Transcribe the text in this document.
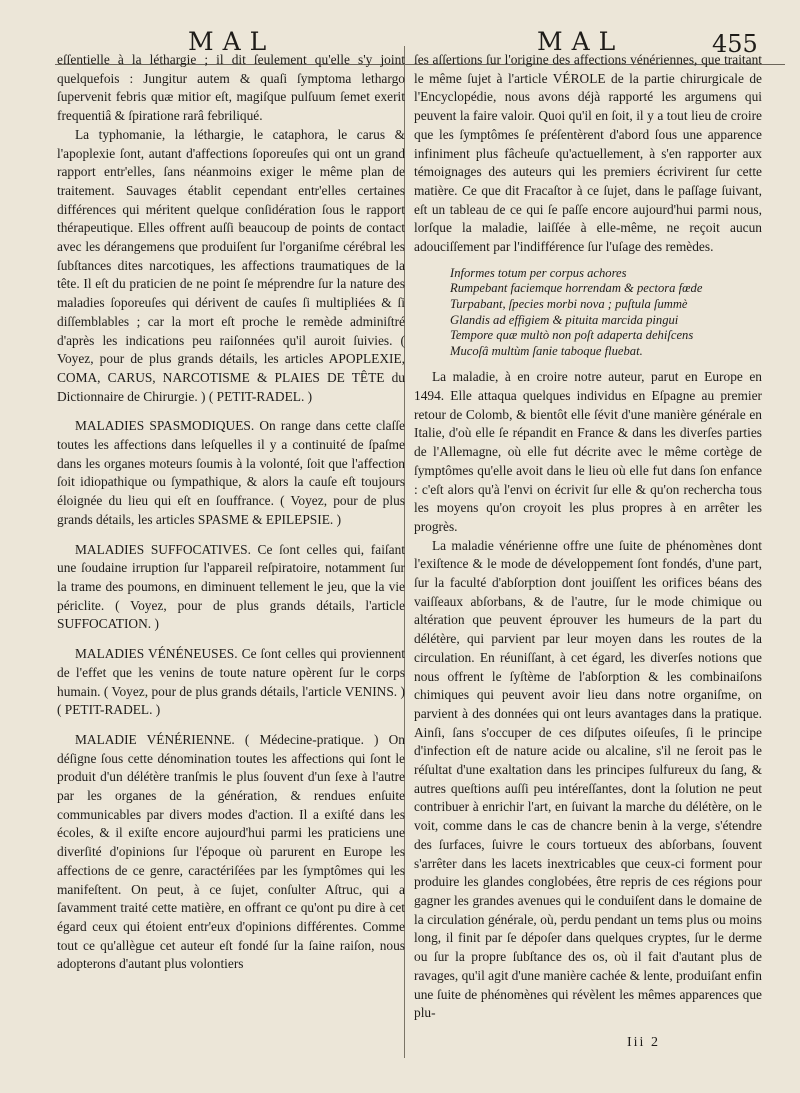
MAL	MAL	455

eſſentielle à la léthargie ; il dit ſeulement qu'elle s'y joint quelquefois : Jungitur autem & quaſi ſymptoma lethargo ſupervenit febris quæ mitior eſt, magiſque pulſuum ſemet exerit frequentiâ & ſpiratione rarâ febriliqué.

La typhomanie, la léthargie, le cataphora, le carus & l'apoplexie ſont, autant d'affections ſoporeuſes qui ont un grand rapport entr'elles, ſans néanmoins exiger le même plan de traitement. Sauvages établit cependant entr'elles certaines différences qui méritent quelque conſidération ſous le rapport thérapeutique. Elles offrent auſſi beaucoup de points de contact avec les dérangemens que produiſent ſur l'organiſme cérébral les ſubſtances dites narcotiques, les affections traumatiques de la tête. Il eſt du praticien de ne point ſe méprendre ſur la nature des maladies ſoporeuſes qui dérivent de cauſes ſi multipliées & ſi diſſemblables ; car la mort eſt proche le remède adminiſtré d'après les indications peu raiſonnées qu'il auroit ſuivies. ( Voyez, pour de plus grands détails, les articles APOPLEXIE, COMA, CARUS, NARCOTISME & PLAIES DE TÊTE du Dictionnaire de Chirurgie. ) ( PETIT-RADEL. )

MALADIES SPASMODIQUES. On range dans cette claſſe toutes les affections dans leſquelles il y a continuité de ſpaſme dans les organes moteurs ſoumis à la volonté, ſoit que l'affection ſoit idiopathique ou ſympathique, & alors la cauſe eſt toujours éloignée du lieu qui eſt en ſouffrance. ( Voyez, pour de plus grands détails, les articles SPASME & EPILEPSIE. )

MALADIES SUFFOCATIVES. Ce ſont celles qui, faiſant une ſoudaine irruption ſur l'appareil reſpiratoire, notamment ſur la trame des poumons, en diminuent tellement le jeu, que la vie périclite. ( Voyez, pour de plus grands détails, l'article SUFFOCATION. )

MALADIES VÉNÉNEUSES. Ce ſont celles qui proviennent de l'effet que les venins de toute nature opèrent ſur le corps humain. ( Voyez, pour de plus grands détails, l'article VENINS. ) ( PETIT-RADEL. )

MALADIE VÉNÉRIENNE. ( Médecine-pratique. ) On déſigne ſous cette dénomination toutes les affections qui ſont le produit d'un délétère tranſmis le plus ſouvent d'un ſexe à l'autre par les organes de la génération, & rendues enſuite communicables par divers modes d'action. Il a exiſté dans les écoles, & il exiſte encore aujourd'hui parmi les praticiens une diverſité d'opinions ſur l'époque où parurent en Europe les affections de ce genre, caractériſées par les ſymptômes qui les manifeſtent. On peut, à ce ſujet, conſulter Aſtruc, qui a ſavamment traité cette matière, en offrant ce qu'ont pu dire à cet égard ceux qui étoient entr'eux d'opinions différentes. Comme tout ce qu'allègue cet auteur eſt fondé ſur la ſaine raiſon, nous adopterons d'autant plus volontiers

ſes aſſertions ſur l'origine des affections vénériennes, que traitant le même ſujet à l'article VÉROLE de la partie chirurgicale de l'Encyclopédie, nous avons déjà rapporté les argumens qui peuvent la faire valoir. Quoi qu'il en ſoit, il y a tout lieu de croire que les ſymptômes ſe préſentèrent d'abord ſous une apparence infiniment plus fâcheuſe qu'actuellement, à s'en rapporter aux témoignages des auteurs qui les premiers écrivirent ſur cette matière. Ce que dit Fracaſtor à ce ſujet, dans le paſſage ſuivant, eſt un tableau de ce qui ſe paſſe encore aujourd'hui parmi nous, lorſque la maladie, laiſſée à elle-même, ne reçoit aucun adouciſſement par l'indifférence ſur l'uſage des remèdes.

Informes totum per corpus achores
Rumpebant faciemque horrendam & pectora fœde
Turpabant, ſpecies morbi nova ; puſtula ſummè
Glandis ad effigiem & pituita marcida pingui
Tempore quæ multò non poſt adaperta dehiſcens
Mucoſâ multùm ſanie taboque fluebat.

La maladie, à en croire notre auteur, parut en Europe en 1494. Elle attaqua quelques individus en Eſpagne au premier retour de Colomb, & bientôt elle ſévit d'une manière générale en Italie, d'où elle ſe répandit en France & dans les diverſes parties de l'Allemagne, où elle fut décrite avec le même cortège de ſymptômes qu'elle avoit dans le lieu où elle fut dans ſon enfance : c'eſt alors qu'à l'envi on écrivit ſur elle & qu'on rechercha tous les moyens qu'on croyoit les plus propres à en arrêter les progrès.

La maladie vénérienne offre une ſuite de phénomènes dont l'exiſtence & le mode de développement ſont fondés, d'une part, ſur la faculté d'abſorption dont jouiſſent les orifices béans des vaiſſeaux abſorbans, & de l'autre, ſur le mode chimique ou altération que peuvent éprouver les humeurs de la part du délétère, qui parvient par leur moyen dans les routes de la circulation. En réuniſſant, à cet égard, les diverſes notions que nous offrent le ſyſtème de l'abſorption & les combinaiſons chimiques qui peuvent avoir lieu dans notre organiſme, on parvient à des données qui ont leurs avantages dans la pratique. Ainſi, ſans s'occuper de ces diſputes oiſeuſes, ſi le principe d'infection eſt de nature acide ou alcaline, s'il ne ſeroit pas le réſultat d'une exaltation dans les principes ſulfureux du ſang, & autres queſtions auſſi peu intéreſſantes, dont la ſolution ne peut contribuer à enrichir l'art, en ſuivant la marche du délétère, on le voit, comme dans le cas de chancre benin à la verge, s'étendre des ſurfaces, ſuivre le cours tortueux des abſorbans, ſouvent s'arrêter dans les lacets inextricables que ceux-ci forment pour produire les glandes conglobées, être repris de ces régions pour gagner les grandes avenues qui le conduiſent dans le domaine de la circulation générale, où, perdu pendant un tems plus ou moins long, il finit par ſe dépoſer dans quelques cryptes, ſur le derme ou ſur la propre ſubſtance des os, où il fait d'autant plus de ravages, qu'il agit d'une manière cachée & lente, produiſant enfin une ſuite de phénomènes qui révèlent les mêmes apparences que plu-

Iii 2
